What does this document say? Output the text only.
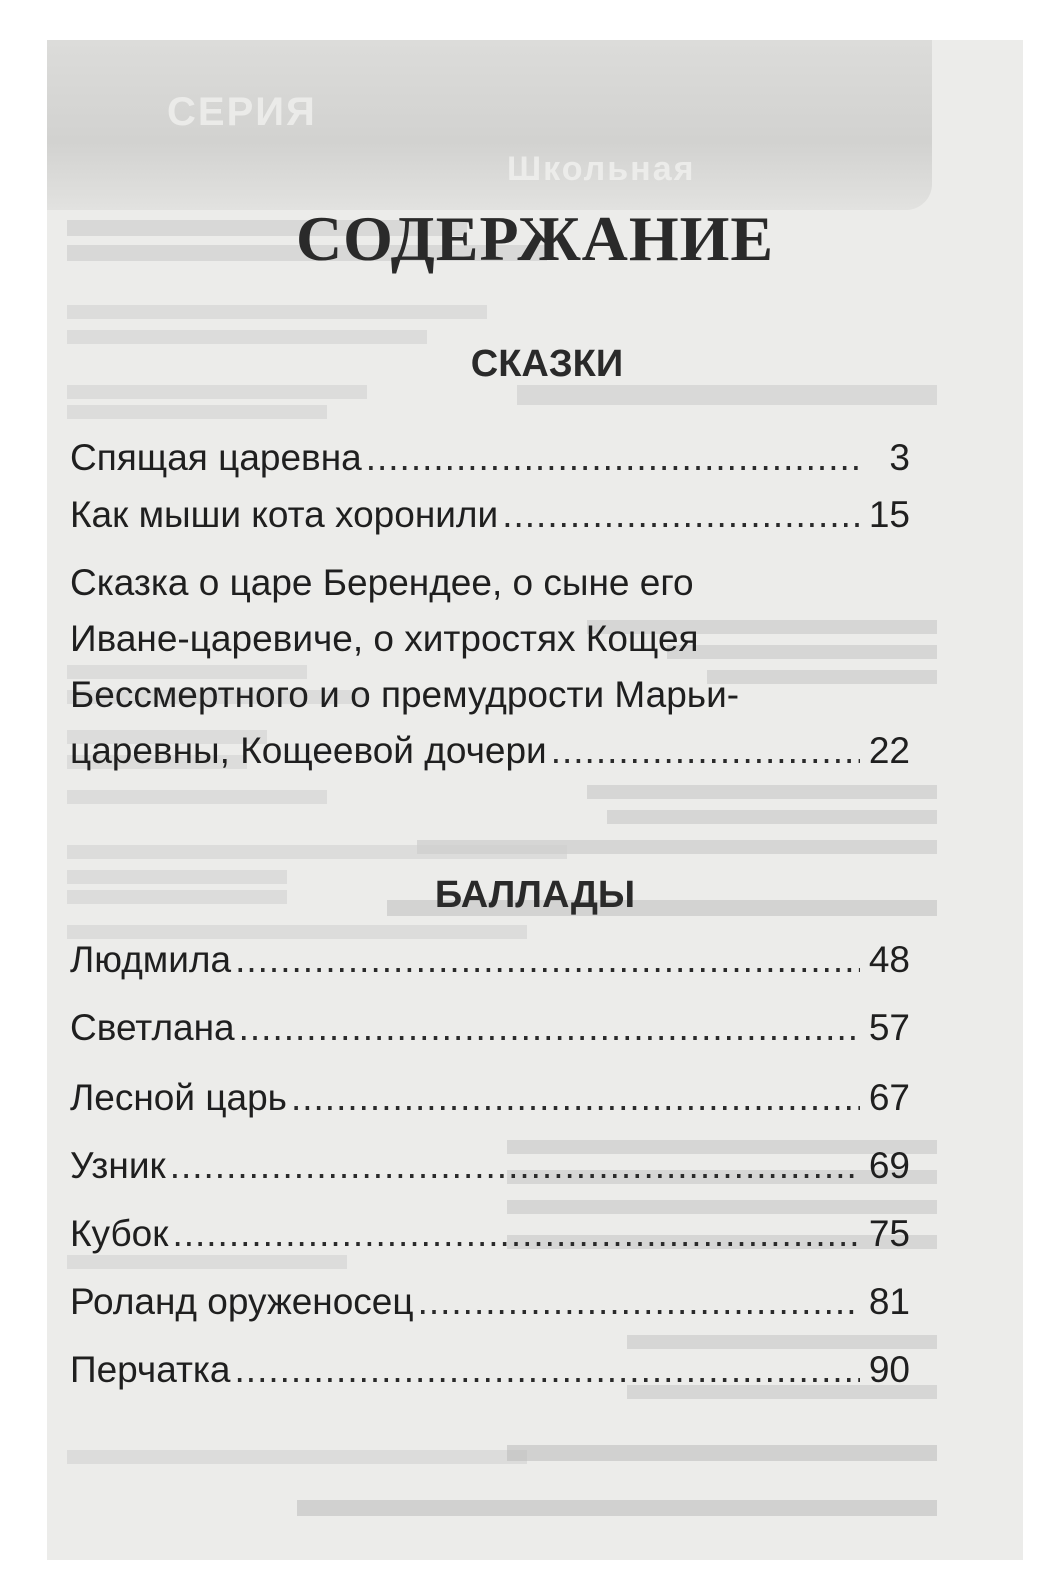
СЕРИЯ
Школьная
СОДЕРЖАНИЕ
СКАЗКИ
Спящая царевна .....	3
Как мыши кота хоронили .....	15
Сказка о царе Берендее, о сыне его
Иване-царевиче, о хитростях Кощея
Бессмертного и о премудрости Марьи-
царевны, Кощеевой дочери .....	22
БАЛЛАДЫ
Людмила .....	48
Светлана .....	57
Лесной царь .....	67
Узник .....	69
Кубок .....	75
Роланд оруженосец .....	81
Перчатка .....	90
